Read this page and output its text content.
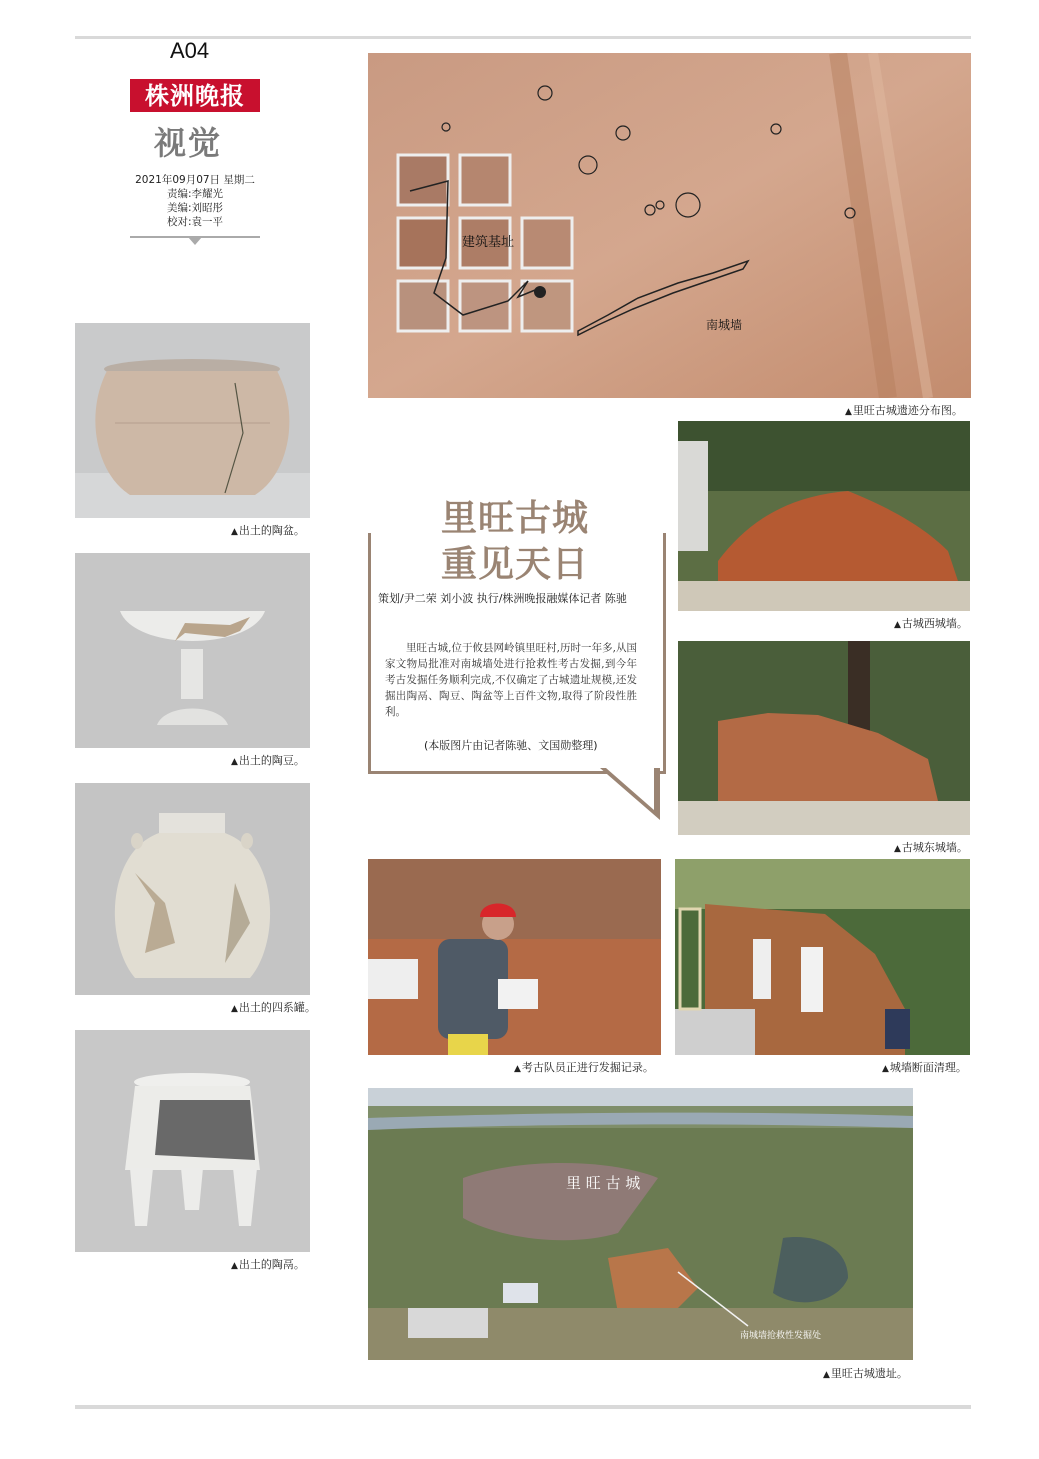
A04
株洲晚报
视觉
2021年09月07日 星期二
责编:李耀光
美编:刘昭彤
校对:袁一平
建筑基址
南城墙
▲里旺古城遗迹分布图。
▲出土的陶盆。
▲出土的陶豆。
▲出土的四系罐。
▲出土的陶鬲。
里旺古城
重见天日
策划/尹二荣 刘小波 执行/株洲晚报融媒体记者 陈驰
里旺古城,位于攸县网岭镇里旺村,历时一年多,从国家文物局批准对南城墙处进行抢救性考古发掘,到今年考古发掘任务顺利完成,不仅确定了古城遗址规模,还发掘出陶鬲、陶豆、陶盆等上百件文物,取得了阶段性胜利。
(本版图片由记者陈驰、文国勋整理)
▲古城西城墙。
▲古城东城墙。
▲考古队员正进行发掘记录。	▲城墙断面清理。
里 旺 古 城
南城墙抢救性发掘处
▲里旺古城遗址。
